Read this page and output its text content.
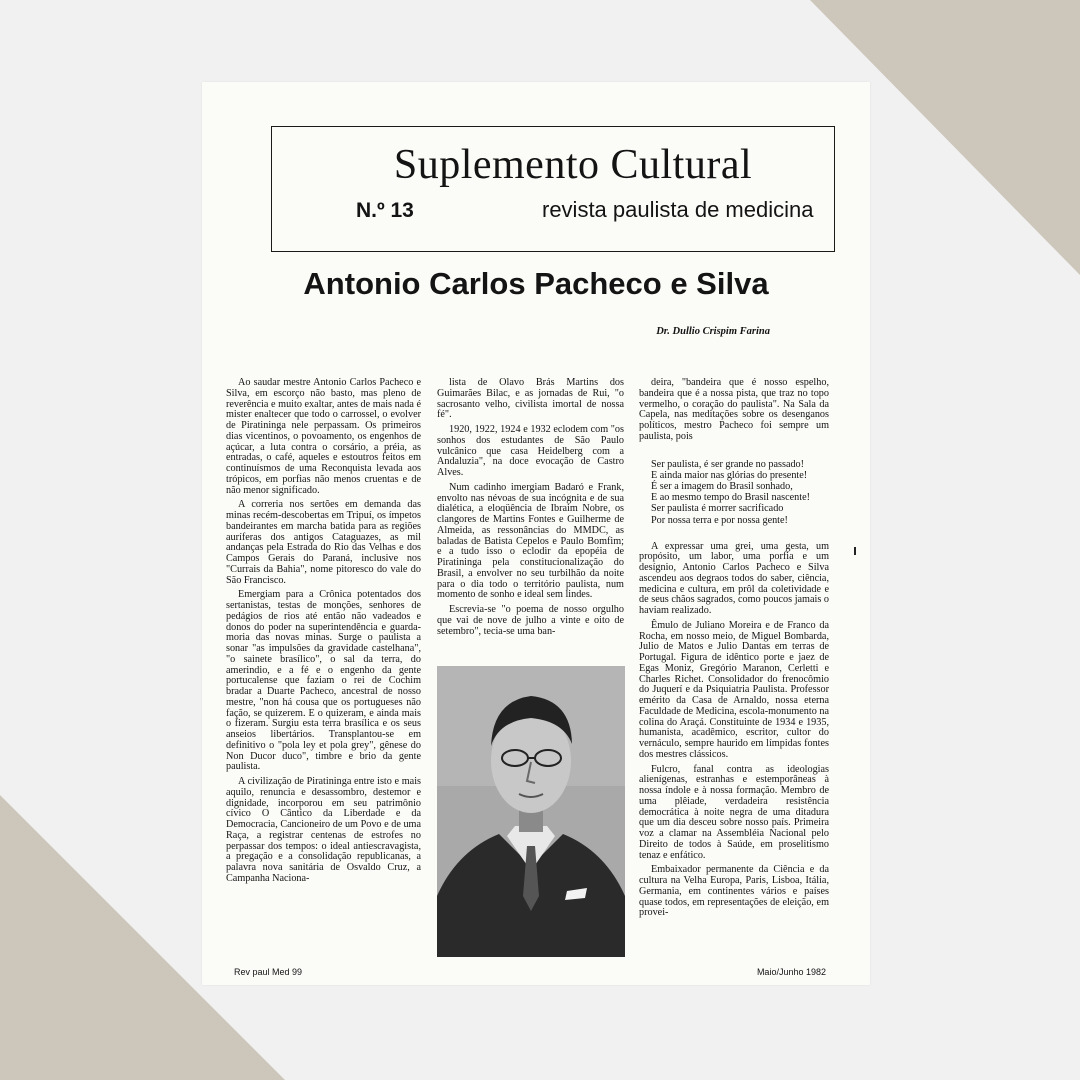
Suplemento Cultural
N.º 13	revista paulista de medicina
Antonio Carlos Pacheco e Silva
Dr. Dullio Crispim Farina

Ao saudar mestre Antonio Carlos Pacheco e Silva, em escorço não basto, mas pleno de reverência e muito exaltar, antes de mais nada é mister enaltecer que todo o carrossel, o evolver de Piratininga nele perpassam. Os primeiros dias vicentinos, o povoamento, os engenhos de açúcar, a luta contra o corsário, a préia, as entradas, o café, aqueles e estoutros feitos em continuísmos de uma Reconquista levada aos trópicos, em porfias não menos cruentas e de não menor significado.

A correria nos sertões em demanda das minas recém-descobertas em Tripuí, os ímpetos bandeirantes em marcha batida para as regiões auríferas dos antigos Cataguazes, as mil andanças pela Estrada do Rio das Velhas e dos Campos Gerais do Paraná, inclusive nos "Currais da Bahia", nome pitoresco do vale do São Francisco.

Emergiam para a Crônica potentados dos sertanistas, testas de monções, senhores de pedágios de rios até então não vadeados e donos do poder na superintendência e guarda-moria das novas minas. Surge o paulista a sonar "as impulsões da gravidade castelhana", "o sainete brasílico", o sal da terra, do amerindio, e a fé e o engenho da gente portucalense que faziam o rei de Cochim bradar a Duarte Pacheco, ancestral de nosso mestre, "non há cousa que os portugueses não fação, se quizerem. E o quizeram, e ainda mais o fizeram. Surgiu esta terra brasílica e os seus anseios libertários. Transplantou-se em definitivo o "pola ley et pola grey", gênese do Non Ducor duco", timbre e brio da gente paulista.

A civilização de Piratininga entre isto e mais aquilo, renuncia e desassombro, destemor e dignidade, incorporou em seu patrimônio cívico O Cântico da Liberdade e da Democracia, Cancioneiro de um Povo e de uma Raça, a registrar centenas de estrofes no perpassar dos tempos: o ideal antiescravagista, a pregação e a consolidação republicanas, a palavra nova sanitária de Osvaldo Cruz, a Campanha Naciona-

lista de Olavo Brás Martins dos Guimarães Bilac, e as jornadas de Rui, "o sacrosanto velho, civilista imortal de nossa fé".

1920, 1922, 1924 e 1932 eclodem com "os sonhos dos estudantes de São Paulo vulcânico que casa Heidelberg com a Andaluzia", na doce evocação de Castro Alves.

Num cadinho imergiam Badaró e Frank, envolto nas névoas de sua incógnita e de sua dialética, a eloqüência de Ibraim Nobre, os clangores de Martins Fontes e Guilherme de Almeida, as ressonâncias do MMDC, as baladas de Batista Cepelos e Paulo Bomfim; e a tudo isso o eclodir da epopéia de Piratininga pela constitucionalização do Brasil, a envolver no seu turbilhão da noite para o dia todo o território paulista, num momento de sonho e ideal sem lindes.

Escrevia-se "o poema de nosso orgulho que vai de nove de julho a vinte e oito de setembro", tecia-se uma ban-

deira, "bandeira que é nosso espelho, bandeira que é a nossa pista, que traz no topo vermelho, o coração do paulista". Na Sala da Capela, nas meditações sobre os desenganos políticos, mestro Pacheco foi sempre um paulista, pois

Ser paulista, é ser grande no passado!
E ainda maior nas glórias do presente!
É ser a imagem do Brasil sonhado,
E ao mesmo tempo do Brasil nascente!
Ser paulista é morrer sacrificado
Por nossa terra e por nossa gente!

A expressar uma grei, uma gesta, um propósito, um labor, uma porfia e um desígnio, Antonio Carlos Pacheco e Silva ascendeu aos degraos todos do saber, ciência, medicina e cultura, em prôl da coletividade e de seus chãos sagrados, como poucos jamais o haviam realizado.

Êmulo de Juliano Moreira e de Franco da Rocha, em nosso meio, de Miguel Bombarda, Julio de Matos e Julio Dantas em terras de Portugal. Figura de idêntico porte e jaez de Egas Moniz, Gregório Maranon, Cerletti e Charles Richet. Consolidador do frenocômio do Juquerí e da Psiquiatria Paulista. Professor emérito da Casa de Arnaldo, nossa eterna Faculdade de Medicina, escola-monumento na colina do Araçá. Constituinte de 1934 e 1935, humanista, acadêmico, escritor, cultor do vernáculo, sempre haurido em límpidas fontes dos mestres clássicos.

Fulcro, fanal contra as ideologias alienígenas, estranhas e estemporâneas à nossa índole e à nossa formação. Membro de uma plêiade, verdadeira resistência democrática à noite negra de uma ditadura que um dia desceu sobre nosso país. Primeira voz a clamar na Assembléia Nacional pelo Direito de todos à Saúde, em proselitismo tenaz e enfático.

Embaixador permanente da Ciência e da cultura na Velha Europa, Paris, Lisboa, Itália, Germania, em continentes vários e países quase todos, em representações de eleição, em provei-

Rev paul Med 99	Maio/Junho 1982
